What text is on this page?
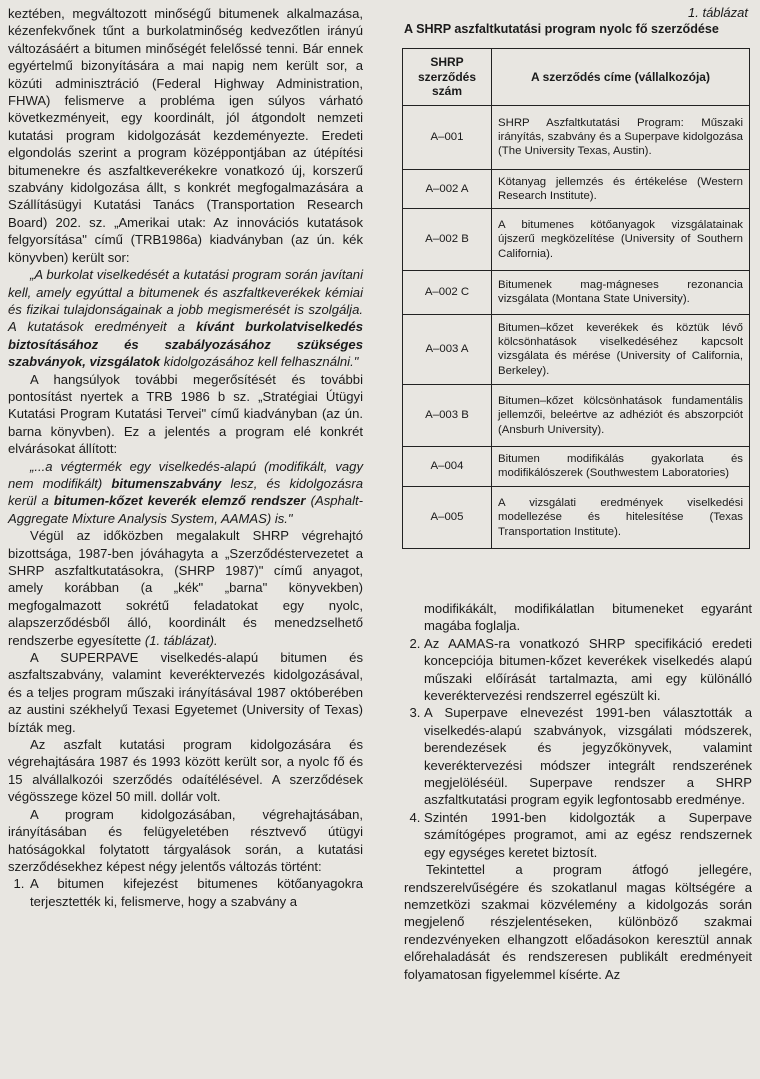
keztében, megváltozott minőségű bitumenek alkalmazása, kézenfekvőnek tűnt a burkolatminőség kedvezőtlen irányú változásáért a bitumen minőségét felelőssé tenni. Bár ennek egyértelmű bizonyítására a mai napig nem került sor, a közúti adminisztráció (Federal Highway Administration, FHWA) felismerve a probléma igen súlyos várható következményeit, egy koordinált, jól átgondolt nemzeti kutatási program kidolgozását kezdeményezte. Eredeti elgondolás szerint a program középpontjában az útépítési bitumenekre és aszfaltkeverékekre vonatkozó új, korszerű szabvány kidolgozása állt, s konkrét megfogalmazására a Szállításügyi Kutatási Tanács (Transportation Research Board) 202. sz. „Amerikai utak: Az innovációs kutatások felgyorsítása" című (TRB1986a) kiadványban (az ún. kék könyvben) került sor:

„A burkolat viselkedését a kutatási program során javítani kell, amely egyúttal a bitumenek és aszfaltkeverékek kémiai és fizikai tulajdonságainak a jobb megismerését is szolgálja. A kutatások eredményeit a kívánt burkolatviselkedés biztosításához és szabályozásához szükséges szabványok, vizsgálatok kidolgozásához kell felhasználni."

A hangsúlyok további megerősítését és további pontosítást nyertek a TRB 1986 b sz. „Stratégiai Útügyi Kutatási Program Kutatási Tervei" című kiadványban (az ún. barna könyvben). Ez a jelentés a program elé konkrét elvárásokat állított:

„...a végtermék egy viselkedés-alapú (modifikált, vagy nem modifikált) bitumenszabvány lesz, és kidolgozásra kerül a bitumen-kőzet keverék elemző rendszer (Asphalt-Aggregate Mixture Analysis System, AAMAS) is."

Végül az időközben megalakult SHRP végrehajtó bizottsága, 1987-ben jóváhagyta a „Szerződéstervezetet a SHRP aszfaltkutatásokra, (SHRP 1987)" című anyagot, amely korábban (a „kék" „barna" könyvekben) megfogalmazott sokrétű feladatokat egy nyolc, alapszerződésből álló, koordinált és menedzselhető rendszerbe egyesítette (1. táblázat).

A SUPERPAVE viselkedés-alapú bitumen és aszfaltszabvány, valamint keveréktervezés kidolgozásával, és a teljes program műszaki irányításával 1987 októberében az austini székhelyű Texasi Egyetemet (University of Texas) bízták meg.

Az aszfalt kutatási program kidolgozására és végrehajtására 1987 és 1993 között került sor, a nyolc fő és 15 alvállalkozói szerződés odaítélésével. A szerződések végösszege közel 50 mill. dollár volt.

A program kidolgozásában, végrehajtásában, irányításában és felügyeletében résztvevő útügyi hatóságokkal folytatott tárgyalások során, a kutatási szerződésekhez képest négy jelentős változás történt:

1. A bitumen kifejezést bitumenes kötőanyagokra terjesztették ki, felismerve, hogy a szabvány a
1. táblázat
A SHRP aszfaltkutatási program nyolc fő szerződése
SHRP szerződés szám	A szerződés címe (vállalkozója)
A–001	SHRP Aszfaltkutatási Program: Műszaki irányítás, szabvány és a Superpave kidolgozása (The University Texas, Austin).
A–002 A	Kötanyag jellemzés és értékelése (Western Research Institute).
A–002 B	A bitumenes kötőanyagok vizsgálatainak újszerű megközelítése (University of Southern California).
A–002 C	Bitumenek mag-mágneses rezonancia vizsgálata (Montana State University).
A–003 A	Bitumen–kőzet keverékek és köztük lévő kölcsönhatások viselkedéséhez kapcsolt vizsgálata és mérése (University of California, Berkeley).
A–003 B	Bitumen–kőzet kölcsönhatások fundamentális jellemzői, beleértve az adhéziót és abszorpciót (Ansburh University).
A–004	Bitumen modifikálás gyakorlata és modifikálószerek (Southwestem Laboratories)
A–005	A vizsgálati eredmények viselkedési modellezése és hitelesítése (Texas Transportation Institute).

modifikákált, modifikálatlan bitumeneket egyaránt magába foglalja.

2. Az AAMAS-ra vonatkozó SHRP specifikáció eredeti koncepciója bitumen-kőzet keverékek viselkedés alapú műszaki előírását tartalmazta, ami egy különálló keveréktervezési rendszerrel egészült ki.
3. A Superpave elnevezést 1991-ben választották a viselkedés-alapú szabványok, vizsgálati módszerek, berendezések és jegyzőkönyvek, valamint keveréktervezési módszer integrált rendszerének megjelöléséül. Superpave rendszer a SHRP aszfaltkutatási program egyik legfontosabb eredménye.
4. Szintén 1991-ben kidolgozták a Superpave számítógépes programot, ami az egész rendszernek egy egységes keretet biztosít.

Tekintettel a program átfogó jellegére, rendszerelvűségére és szokatlanul magas költségére a nemzetközi szakmai közvélemény a kidolgozás során megjelenő részjelentéseken, különböző szakmai rendezvényeken elhangzott előadásokon keresztül annak előrehaladását és rendszeresen publikált eredményeit folyamatosan figyelemmel kísérte. Az
